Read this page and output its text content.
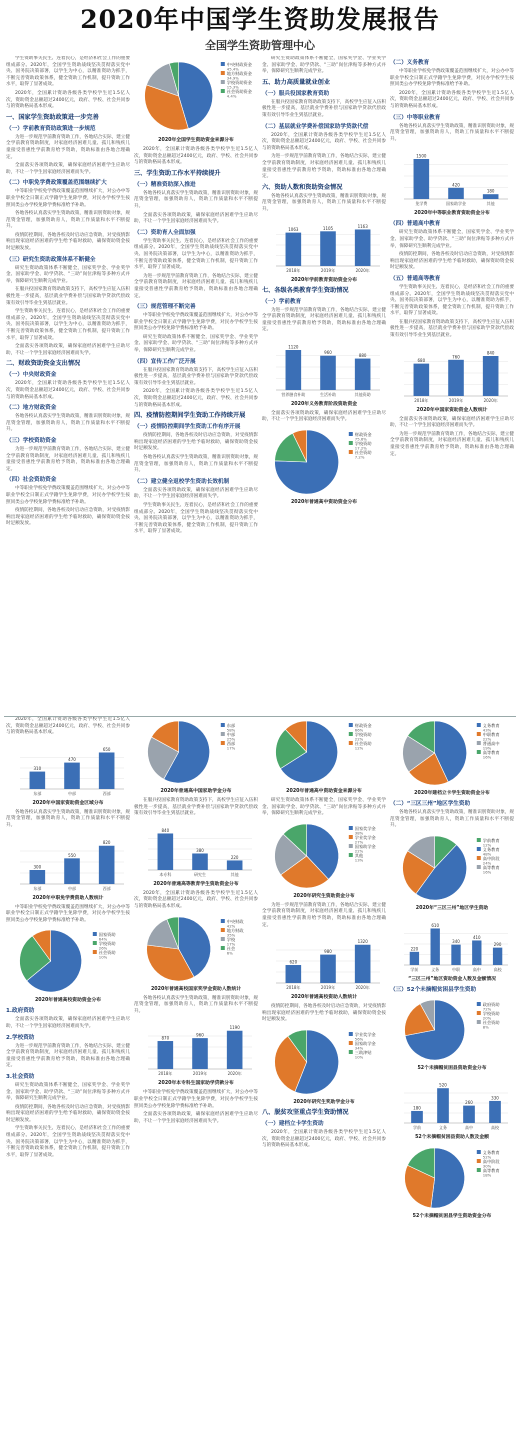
2020年中国学生资助发展报告
全国学生资助管理中心

学生资助事关民生、连着民心，是经济和社会工作的重要组成部分。2020年，全国学生资助战线坚决贯彻落实党中央、国务院决策部署，以学生为中心，以精准资助为抓手，不断完善资助政策体系，健全资助工作机制，提升资助工作水平，取得了显著成效。

2020年，全国累计资助各级各类学校学生近1.5亿人次，资助资金总额超过2400亿元，政府、学校、社会共同参与的资助格局基本形成。

一、国家学生资助政策进一步完善
（一）学前教育资助政策进一步规范

为进一步规范学前教育资助工作，各地结合实际，建立健全学前教育资助制度，对家庭经济困难儿童、孤儿和残疾儿童接受普惠性学前教育给予资助，资助标准由各地合理确定。

全面落实各项资助政策，确保家庭经济困难学生应助尽助，不让一个学生因家庭经济困难而失学。

（二）中职免学费政策覆盖范围继续扩大

中等职业学校免学费政策覆盖范围继续扩大，对公办中等职业学校全日制正式学籍学生免除学费，对民办学校学生按照同类公办学校免除学费标准给予补助。

各地各校认真落实学生资助政策，精准识别资助对象，规范资金管理，加强资助育人，资助工作质量和水平不断提升。

疫情防控期间，各地各校及时启动应急资助，对受疫情影响出现家庭经济困难的学生给予临时救助，确保资助资金按时足额发放。

（三）研究生资助政策体系不断健全

研究生资助政策体系不断健全，国家奖学金、学业奖学金、国家助学金、助学贷款、“三助”岗位津贴等多种方式并举，保障研究生顺利完成学业。

在服兵役国家教育资助政策支持下，高校学生应征入伍积极性进一步提高，基层就业学费补偿与国家助学贷款代偿政策有效引导毕业生到基层就业。

学生资助事关民生、连着民心，是经济和社会工作的重要组成部分。2020年，全国学生资助战线坚决贯彻落实党中央、国务院决策部署，以学生为中心，以精准资助为抓手，不断完善资助政策体系，健全资助工作机制，提升资助工作水平，取得了显著成效。

全面落实各项资助政策，确保家庭经济困难学生应助尽助，不让一个学生因家庭经济困难而失学。

二、财政资助资金支出情况
（一）中央财政资金

2020年，全国累计资助各级各类学校学生近1.5亿人次，资助资金总额超过2400亿元，政府、学校、社会共同参与的资助格局基本形成。

（二）地方财政资金

各地各校认真落实学生资助政策，精准识别资助对象，规范资金管理，加强资助育人，资助工作质量和水平不断提升。

（三）学校资助资金

为进一步规范学前教育资助工作，各地结合实际，建立健全学前教育资助制度，对家庭经济困难儿童、孤儿和残疾儿童接受普惠性学前教育给予资助，资助标准由各地合理确定。

（四）社会资助资金

中等职业学校免学费政策覆盖范围继续扩大，对公办中等职业学校全日制正式学籍学生免除学费，对民办学校学生按照同类公办学校免除学费标准给予补助。

疫情防控期间，各地各校及时启动应急资助，对受疫情影响出现家庭经济困难的学生给予临时救助，确保资助资金按时足额发放。

中央财政资金
45.4%
地方财政资金
34.9%
学校资助资金
15.3%
社会资助资金
4.4%
2020年全国学生资助资金来源分布

2020年，全国累计资助各级各类学校学生近1.5亿人次，资助资金总额超过2400亿元，政府、学校、社会共同参与的资助格局基本形成。

三、学生资助工作水平持续提升
（一）精准资助深入推进

各地各校认真落实学生资助政策，精准识别资助对象，规范资金管理，加强资助育人，资助工作质量和水平不断提升。

全面落实各项资助政策，确保家庭经济困难学生应助尽助，不让一个学生因家庭经济困难而失学。

（二）资助育人全面加强

学生资助事关民生、连着民心，是经济和社会工作的重要组成部分。2020年，全国学生资助战线坚决贯彻落实党中央、国务院决策部署，以学生为中心，以精准资助为抓手，不断完善资助政策体系，健全资助工作机制，提升资助工作水平，取得了显著成效。

为进一步规范学前教育资助工作，各地结合实际，建立健全学前教育资助制度，对家庭经济困难儿童、孤儿和残疾儿童接受普惠性学前教育给予资助，资助标准由各地合理确定。

（三）规范管理不断完善

中等职业学校免学费政策覆盖范围继续扩大，对公办中等职业学校全日制正式学籍学生免除学费，对民办学校学生按照同类公办学校免除学费标准给予补助。

研究生资助政策体系不断健全，国家奖学金、学业奖学金、国家助学金、助学贷款、“三助”岗位津贴等多种方式并举，保障研究生顺利完成学业。

（四）宣传工作广泛开展

在服兵役国家教育资助政策支持下，高校学生应征入伍积极性进一步提高，基层就业学费补偿与国家助学贷款代偿政策有效引导毕业生到基层就业。

2020年，全国累计资助各级各类学校学生近1.5亿人次，资助资金总额超过2400亿元，政府、学校、社会共同参与的资助格局基本形成。

四、疫情防控期间学生资助工作持续开展
（一）疫情防控期间学生资助工作有序开展

疫情防控期间，各地各校及时启动应急资助，对受疫情影响出现家庭经济困难的学生给予临时救助，确保资助资金按时足额发放。

各地各校认真落实学生资助政策，精准识别资助对象，规范资金管理，加强资助育人，资助工作质量和水平不断提升。

（二）建立健全返校学生资助长效机制

全面落实各项资助政策，确保家庭经济困难学生应助尽助，不让一个学生因家庭经济困难而失学。

学生资助事关民生、连着民心，是经济和社会工作的重要组成部分。2020年，全国学生资助战线坚决贯彻落实党中央、国务院决策部署，以学生为中心，以精准资助为抓手，不断完善资助政策体系，健全资助工作机制，提升资助工作水平，取得了显著成效。

研究生资助政策体系不断健全，国家奖学金、学业奖学金、国家助学金、助学贷款、“三助”岗位津贴等多种方式并举，保障研究生顺利完成学业。

五、助力高质量就业创业
（一）服兵役国家教育资助

在服兵役国家教育资助政策支持下，高校学生应征入伍积极性进一步提高，基层就业学费补偿与国家助学贷款代偿政策有效引导毕业生到基层就业。

（二）基层就业学费补偿国家助学贷款代偿

2020年，全国累计资助各级各类学校学生近1.5亿人次，资助资金总额超过2400亿元，政府、学校、社会共同参与的资助格局基本形成。

为进一步规范学前教育资助工作，各地结合实际，建立健全学前教育资助制度，对家庭经济困难儿童、孤儿和残疾儿童接受普惠性学前教育给予资助，资助标准由各地合理确定。

六、资助人数和资助资金情况

各地各校认真落实学生资助政策，精准识别资助对象，规范资金管理，加强资助育人，资助工作质量和水平不断提升。

1063
2018年
1105
2019年
1163
2020年
2020年学前教育资助资金分布
七、各级各类教育学生资助情况
（一）学前教育

为进一步规范学前教育资助工作，各地结合实际，建立健全学前教育资助制度，对家庭经济困难儿童、孤儿和残疾儿童接受普惠性学前教育给予资助，资助标准由各地合理确定。

1120
营养膳食补助
960
生活补助
880
其他资助
2020年义务教育阶段资助资金

全面落实各项资助政策，确保家庭经济困难学生应助尽助，不让一个学生因家庭经济困难而失学。

财政资金
75.6%
学校资助
17.2%
社会资助
7.2%
2020年普通高中资助资金分布
（二）义务教育

中等职业学校免学费政策覆盖范围继续扩大，对公办中等职业学校全日制正式学籍学生免除学费，对民办学校学生按照同类公办学校免除学费标准给予补助。

2020年，全国累计资助各级各类学校学生近1.5亿人次，资助资金总额超过2400亿元，政府、学校、社会共同参与的资助格局基本形成。

（三）中等职业教育

各地各校认真落实学生资助政策，精准识别资助对象，规范资金管理，加强资助育人，资助工作质量和水平不断提升。

1500
免学费
420
国家助学金
180
其他
2020年中等职业教育资助资金分布
（四）普通高中教育

研究生资助政策体系不断健全，国家奖学金、学业奖学金、国家助学金、助学贷款、“三助”岗位津贴等多种方式并举，保障研究生顺利完成学业。

疫情防控期间，各地各校及时启动应急资助，对受疫情影响出现家庭经济困难的学生给予临时救助，确保资助资金按时足额发放。

（五）普通高等教育

学生资助事关民生、连着民心，是经济和社会工作的重要组成部分。2020年，全国学生资助战线坚决贯彻落实党中央、国务院决策部署，以学生为中心，以精准资助为抓手，不断完善资助政策体系，健全资助工作机制，提升资助工作水平，取得了显著成效。

在服兵役国家教育资助政策支持下，高校学生应征入伍积极性进一步提高，基层就业学费补偿与国家助学贷款代偿政策有效引导毕业生到基层就业。

680
2018年
760
2019年
840
2020年
2020年中国家资助资金人数统计

全面落实各项资助政策，确保家庭经济困难学生应助尽助，不让一个学生因家庭经济困难而失学。

为进一步规范学前教育资助工作，各地结合实际，建立健全学前教育资助制度，对家庭经济困难儿童、孤儿和残疾儿童接受普惠性学前教育给予资助，资助标准由各地合理确定。

2020年，全国累计资助各级各类学校学生近1.5亿人次，资助资金总额超过2400亿元，政府、学校、社会共同参与的资助格局基本形成。

310
东部
470
中部
650
西部
2020年中国家资助资金区域分布

各地各校认真落实学生资助政策，精准识别资助对象，规范资金管理，加强资助育人，资助工作质量和水平不断提升。

300
东部
550
中部
820
西部
2020年中职免学费资助人数统计

中等职业学校免学费政策覆盖范围继续扩大，对公办中等职业学校全日制正式学籍学生免除学费，对民办学校学生按照同类公办学校免除学费标准给予补助。

国家资助
64%
学校资助
26%
社会资助
10%
2020年普通高校资助资金分布
1.政府资助

全面落实各项资助政策，确保家庭经济困难学生应助尽助，不让一个学生因家庭经济困难而失学。

2.学校资助

为进一步规范学前教育资助工作，各地结合实际，建立健全学前教育资助制度，对家庭经济困难儿童、孤儿和残疾儿童接受普惠性学前教育给予资助，资助标准由各地合理确定。

3.社会资助

研究生资助政策体系不断健全，国家奖学金、学业奖学金、国家助学金、助学贷款、“三助”岗位津贴等多种方式并举，保障研究生顺利完成学业。

疫情防控期间，各地各校及时启动应急资助，对受疫情影响出现家庭经济困难的学生给予临时救助，确保资助资金按时足额发放。

学生资助事关民生、连着民心，是经济和社会工作的重要组成部分。2020年，全国学生资助战线坚决贯彻落实党中央、国务院决策部署，以学生为中心，以精准资助为抓手，不断完善资助政策体系，健全资助工作机制，提升资助工作水平，取得了显著成效。

东部
58%
中部
25%
西部
17%
2020年普通高中国家助学金分布

在服兵役国家教育资助政策支持下，高校学生应征入伍积极性进一步提高，基层就业学费补偿与国家助学贷款代偿政策有效引导毕业生到基层就业。

840
本专科
380
研究生
220
其他
2020年普通高等教育学生资助资金分布

2020年，全国累计资助各级各类学校学生近1.5亿人次，资助资金总额超过2400亿元，政府、学校、社会共同参与的资助格局基本形成。

中央财政
42%
地方财政
35%
学校
17%
社会
6%
2020年普通高校国家奖学金资助人数统计

各地各校认真落实学生资助政策，精准识别资助对象，规范资金管理，加强资助育人，资助工作质量和水平不断提升。

870
2018年
960
2019年
1190
2020年
2020年本专科生国家助学贷款分布

中等职业学校免学费政策覆盖范围继续扩大，对公办中等职业学校全日制正式学籍学生免除学费，对民办学校学生按照同类公办学校免除学费标准给予补助。

全面落实各项资助政策，确保家庭经济困难学生应助尽助，不让一个学生因家庭经济困难而失学。

财政资金
66%
学校资助
22%
社会资助
12%
2020年普通高中资助资金来源分布

研究生资助政策体系不断健全，国家奖学金、学业奖学金、国家助学金、助学贷款、“三助”岗位津贴等多种方式并举，保障研究生顺利完成学业。

国家奖学金
38%
学业奖学金
27%
国家助学金
22%
其他
13%
2020年研究生资助资金分布

为进一步规范学前教育资助工作，各地结合实际，建立健全学前教育资助制度，对家庭经济困难儿童、孤儿和残疾儿童接受普惠性学前教育给予资助，资助标准由各地合理确定。

620
2018年
980
2019年
1320
2020年
2020年普通高校资助人数统计

疫情防控期间，各地各校及时启动应急资助，对受疫情影响出现家庭经济困难的学生给予临时救助，确保资助资金按时足额发放。

学业奖学金
56%
国家助学金
34%
三助津贴
10%
2020年研究生奖助学金分布
八、脱贫攻坚重点学生资助情况
（一）建档立卡学生资助

2020年，全国累计资助各级各类学校学生近1.5亿人次，资助资金总额超过2400亿元，政府、学校、社会共同参与的资助格局基本形成。

义务教育
43%
中职教育
22%
普通高中
19%
高等教育
16%
2020年建档立卡学生资助资金分布
（二）“三区三州”地区学生资助

各地各校认真落实学生资助政策，精准识别资助对象，规范资金管理，加强资助育人，资助工作质量和水平不断提升。

学前教育
12%
义务教育
48%
高中阶段
24%
高等教育
16%
2020年“三区三州”地区学生资助
220
学前
610
义务
340
中职
410
高中
290
高校
“三区三州”地区资助资金人数及金额情况
（三）52个未摘帽贫困县学生资助
政府资助
72%
学校资助
20%
社会资助
8%
52个未摘帽贫困县资助资金分布
180
学前
520
义务
260
高中
330
高校
52个未摘帽贫困县资助人数及金额
义务教育
52%
高中阶段
30%
高等教育
18%
52个未摘帽贫困县学生资助资金分布
